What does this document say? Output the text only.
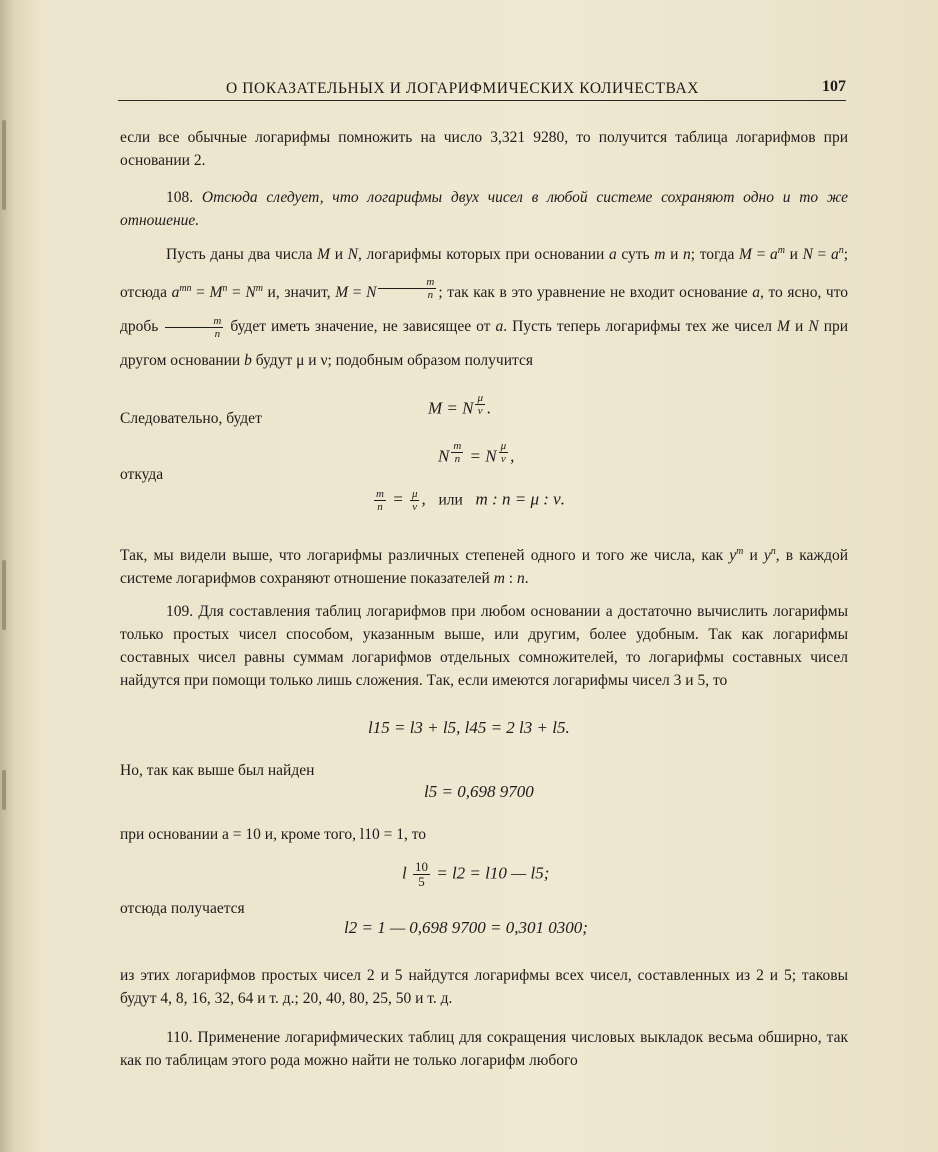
О ПОКАЗАТЕЛЬНЫХ И ЛОГАРИФМИЧЕСКИХ КОЛИЧЕСТВАХ	107

если все обычные логарифмы помножить на число 3,321 9280, то получится таблица логарифмов при основании 2.

108. Отсюда следует, что логарифмы двух чисел в любой системе сохраняют одно и то же отношение.

Пусть даны два числа M и N, логарифмы которых при основании a суть m и n; тогда $M = a^m$ и $N = a^n$; отсюда $a^{mn} = M^n = N^m$ и, значит, M = N $^{\frac{m}{n}}$ ; так как в это уравнение не входит основание a, то ясно, что дробь $\frac{m}{n}$ будет иметь значение, не зависящее от a. Пусть теперь логарифмы тех же чисел M и N при другом основании b будут μ и ν; подобным образом получится

M = N $^{\frac{\mu}{\nu}}$ .
Следовательно, будет
N $^{\frac{m}{n}}$ = N $^{\frac{\mu}{\nu}}$ ,
откуда
$\frac{m}{n} = \frac{\mu}{\nu}$ ,   или   m : n = μ : ν.

Так, мы видели выше, что логарифмы различных степеней одного и того же числа, как $y^m$ и $y^n$, в каждой системе логарифмов сохраняют отношение показателей m : n.

109. Для составления таблиц логарифмов при любом основании a достаточно вычислить логарифмы только простых чисел способом, указанным выше, или другим, более удобным. Так как логарифмы составных чисел равны суммам логарифмов отдельных сомножителей, то логарифмы составных чисел найдутся при помощи только лишь сложения. Так, если имеются логарифмы чисел 3 и 5, то

l15 = l3 + l5, l45 = 2 l3 + l5.
Но, так как выше был найден
l5 = 0,698 9700
при основании a = 10 и, кроме того, l10 = 1, то
l $\frac{10}{5} = l2 = l10$ — l5;
отсюда получается
l2 = 1 — 0,698 9700 = 0,301 0300;

из этих логарифмов простых чисел 2 и 5 найдутся логарифмы всех чисел, составленных из 2 и 5; таковы будут 4, 8, 16, 32, 64 и т. д.; 20, 40, 80, 25, 50 и т. д.

110. Применение логарифмических таблиц для сокращения числовых выкладок весьма обширно, так как по таблицам этого рода можно найти не только логарифм любого
